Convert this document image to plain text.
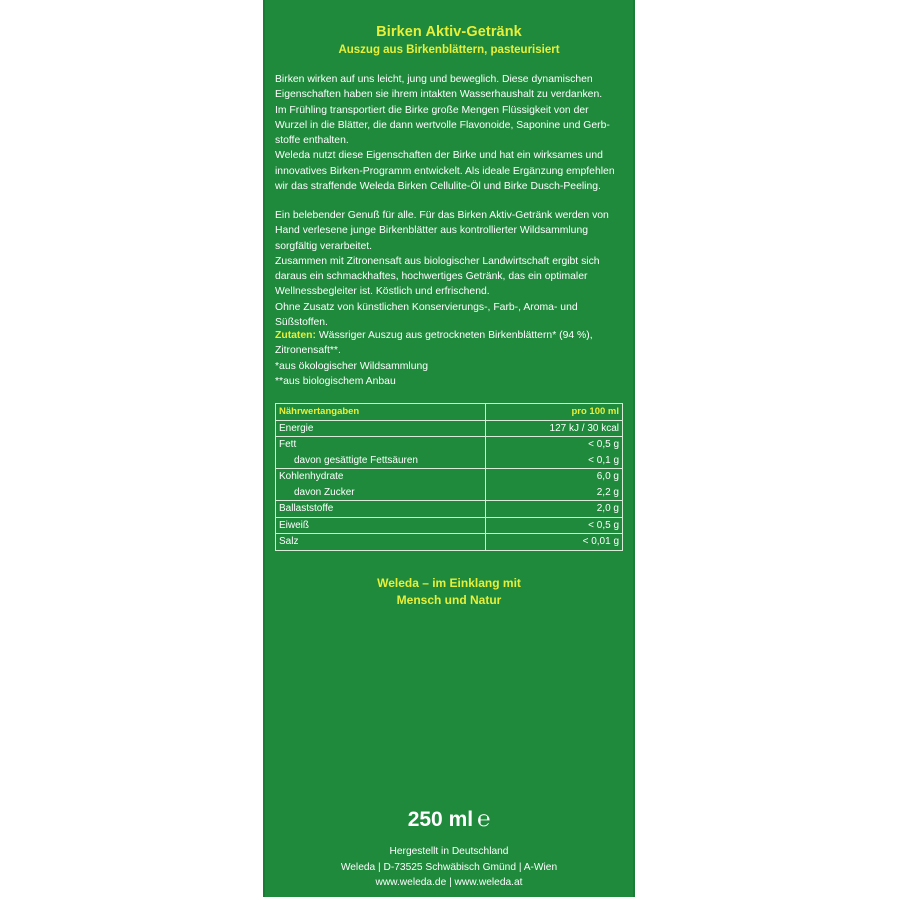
Birken Aktiv-Getränk
Auszug aus Birkenblättern, pasteurisiert

Birken wirken auf uns leicht, jung und beweglich. Diese dynamischen

Eigenschaften haben sie ihrem intakten Wasserhaushalt zu verdanken.

Im Frühling transportiert die Birke große Mengen Flüssigkeit von der

Wurzel in die Blätter, die dann wertvolle Flavonoide, Saponine und Gerb-

stoffe enthalten.

Weleda nutzt diese Eigenschaften der Birke und hat ein wirksames und

innovatives Birken-Programm entwickelt. Als ideale Ergänzung empfehlen

wir das straffende Weleda Birken Cellulite-Öl und Birke Dusch-Peeling.

Ein belebender Genuß für alle. Für das Birken Aktiv-Getränk werden von

Hand verlesene junge Birkenblätter aus kontrollierter Wildsammlung

sorgfältig verarbeitet.

Zusammen mit Zitronensaft aus biologischer Landwirtschaft ergibt sich

daraus ein schmackhaftes, hochwertiges Getränk, das ein optimaler

Wellnessbegleiter ist. Köstlich und erfrischend.

Ohne Zusatz von künstlichen Konservierungs-, Farb-, Aroma- und Süßstoffen.

Zutaten: Wässriger Auszug aus getrockneten Birkenblättern* (94 %),

Zitronensaft**.

*aus ökologischer Wildsammlung

**aus biologischem Anbau

Nährwertangaben	pro 100 ml
Energie	127 kJ / 30 kcal
Fett	< 0,5 g
davon gesättigte Fettsäuren	< 0,1 g
Kohlenhydrate	6,0 g
davon Zucker	2,2 g
Ballaststoffe	2,0 g
Eiweiß	< 0,5 g
Salz	< 0,01 g
Weleda – im Einklang mit
Mensch und Natur
250 ml ℮
Hergestellt in Deutschland
Weleda | D-73525 Schwäbisch Gmünd | A-Wien
www.weleda.de | www.weleda.at
